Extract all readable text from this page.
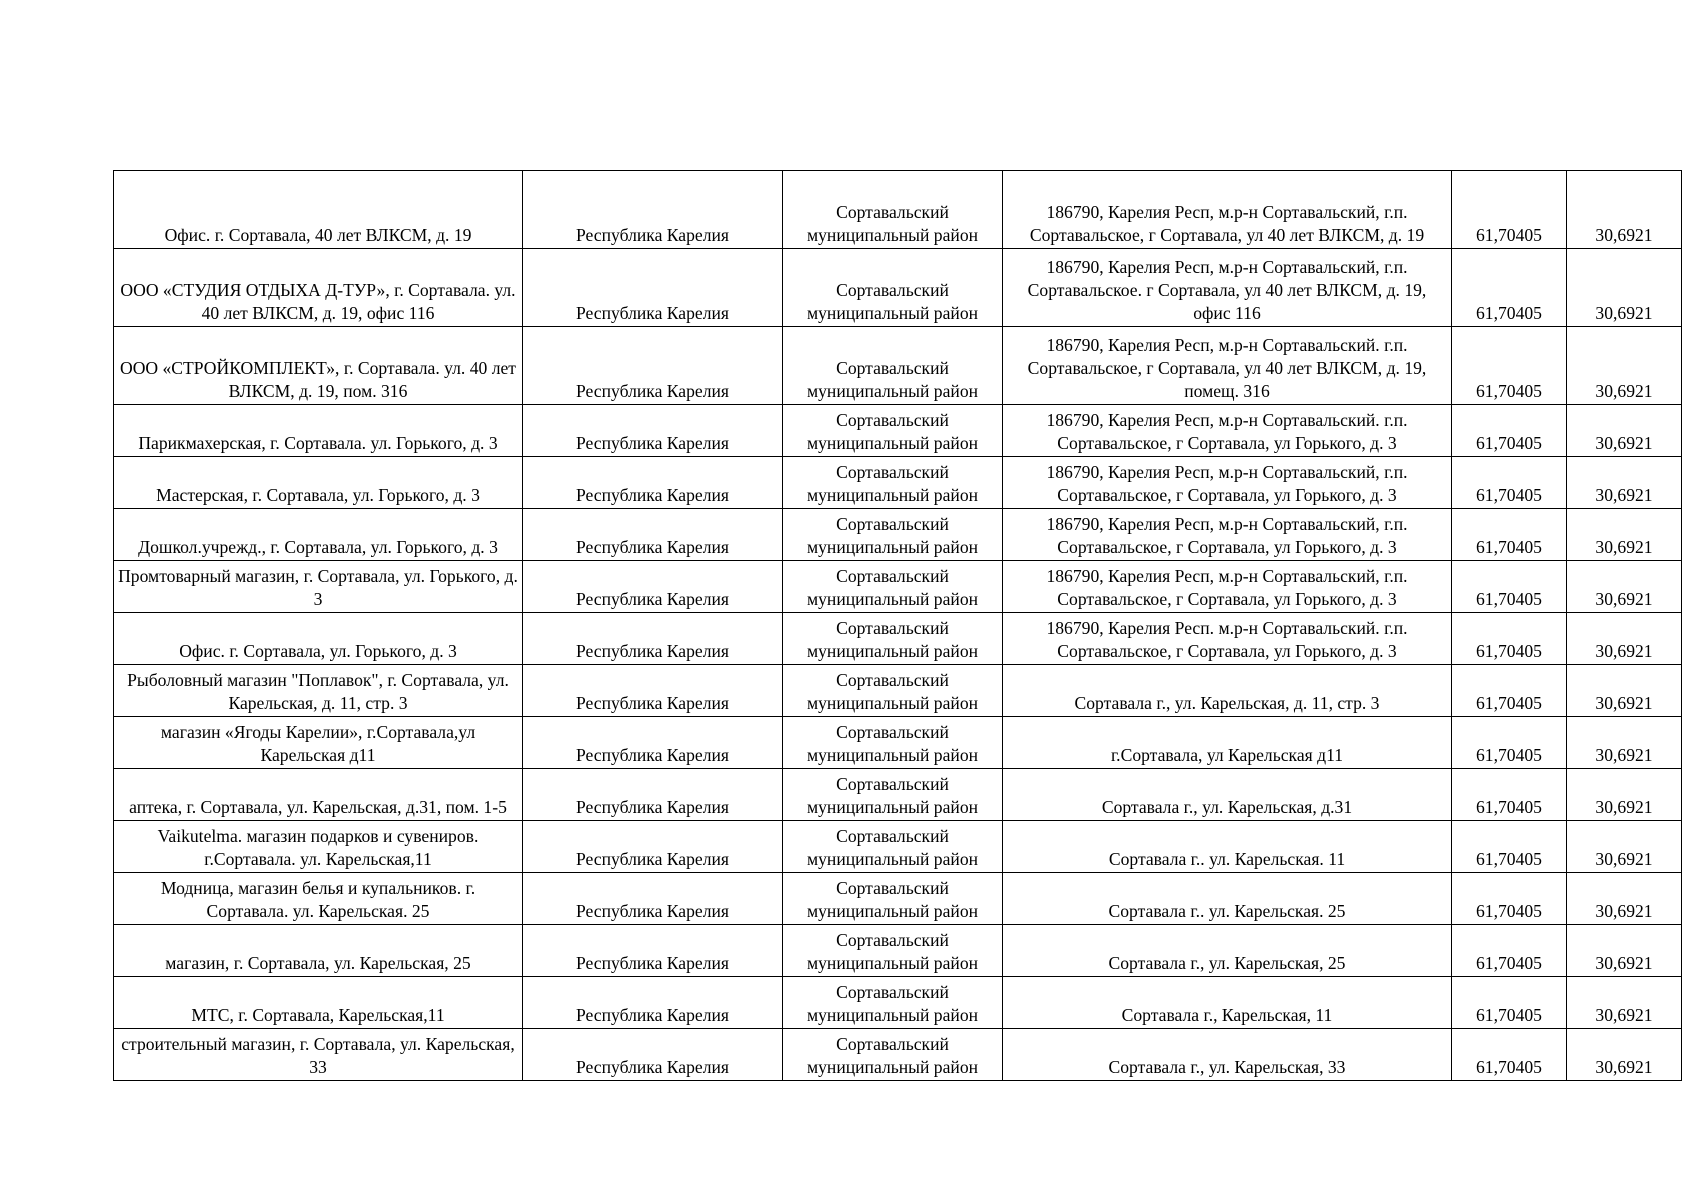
Офис. г. Сортавала, 40 лет ВЛКСМ, д. 19	Республика Карелия	Сортавальский муниципальный район	186790, Карелия Респ, м.р-н Сортавальский, г.п. Сортавальское, г Сортавала, ул 40 лет ВЛКСМ, д. 19	61,70405	30,6921
ООО «СТУДИЯ ОТДЫХА Д-ТУР», г. Сортавала. ул. 40 лет ВЛКСМ, д. 19, офис 116	Республика Карелия	Сортавальский муниципальный район	186790, Карелия Респ, м.р-н Сортавальский, г.п. Сортавальское. г Сортавала, ул 40 лет ВЛКСМ, д. 19, офис 116	61,70405	30,6921
ООО «СТРОЙКОМПЛЕКТ», г. Сортавала. ул. 40 лет ВЛКСМ, д. 19, пом. 316	Республика Карелия	Сортавальский муниципальный район	186790, Карелия Респ, м.р-н Сортавальский. г.п. Сортавальское, г Сортавала, ул 40 лет ВЛКСМ, д. 19, помещ. 316	61,70405	30,6921
Парикмахерская, г. Сортавала. ул. Горького, д. 3	Республика Карелия	Сортавальский муниципальный район	186790, Карелия Респ, м.р-н Сортавальский. г.п. Сортавальское, г Сортавала, ул Горького, д. 3	61,70405	30,6921
Мастерская, г. Сортавала, ул. Горького, д. 3	Республика Карелия	Сортавальский муниципальный район	186790, Карелия Респ, м.р-н Сортавальский, г.п. Сортавальское, г Сортавала, ул Горького, д. 3	61,70405	30,6921
Дошкол.учрежд., г. Сортавала, ул. Горького, д. 3	Республика Карелия	Сортавальский муниципальный район	186790, Карелия Респ, м.р-н Сортавальский, г.п. Сортавальское, г Сортавала, ул Горького, д. 3	61,70405	30,6921
Промтоварный магазин, г. Сортавала, ул. Горького, д. 3	Республика Карелия	Сортавальский муниципальный район	186790, Карелия Респ, м.р-н Сортавальский, г.п. Сортавальское, г Сортавала, ул Горького, д. 3	61,70405	30,6921
Офис. г. Сортавала, ул. Горького, д. 3	Республика Карелия	Сортавальский муниципальный район	186790, Карелия Респ. м.р-н Сортавальский. г.п. Сортавальское, г Сортавала, ул Горького, д. 3	61,70405	30,6921
Рыболовный магазин "Поплавок", г. Сортавала, ул. Карельская, д. 11, стр. 3	Республика Карелия	Сортавальский муниципальный район	Сортавала г., ул. Карельская, д. 11, стр. 3	61,70405	30,6921
магазин «Ягоды Карелии», г.Сортавала,ул Карельская д11	Республика Карелия	Сортавальский муниципальный район	г.Сортавала, ул Карельская д11	61,70405	30,6921
аптека, г. Сортавала, ул. Карельская, д.31, пом. 1-5	Республика Карелия	Сортавальский муниципальный район	Сортавала г., ул. Карельская, д.31	61,70405	30,6921
Vaikutelma. магазин подарков и сувениров. г.Сортавала. ул. Карельская,11	Республика Карелия	Сортавальский муниципальный район	Сортавала г.. ул. Карельская. 11	61,70405	30,6921
Модница, магазин белья и купальников. г. Сортавала. ул. Карельская. 25	Республика Карелия	Сортавальский муниципальный район	Сортавала г.. ул. Карельская. 25	61,70405	30,6921
магазин, г. Сортавала, ул. Карельская, 25	Республика Карелия	Сортавальский муниципальный район	Сортавала г., ул. Карельская, 25	61,70405	30,6921
МТС, г. Сортавала, Карельская,11	Республика Карелия	Сортавальский муниципальный район	Сортавала г., Карельская, 11	61,70405	30,6921
строительный магазин, г. Сортавала, ул. Карельская, 33	Республика Карелия	Сортавальский муниципальный район	Сортавала г., ул. Карельская, 33	61,70405	30,6921
